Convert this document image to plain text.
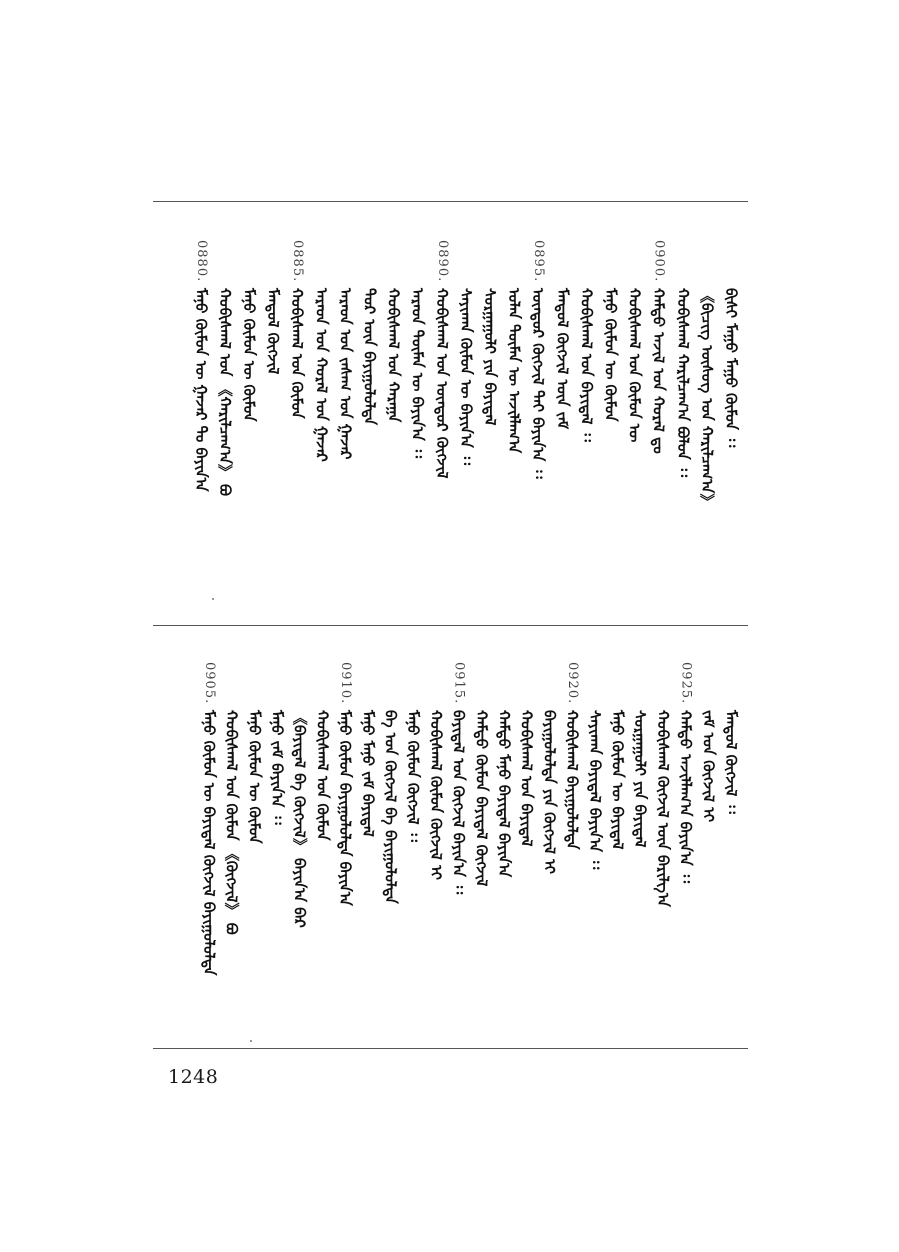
ᠪᠢᠰᠢ ᠮᠠᠭᠤ ᠮᠠᠭᠤ ᠬᠦᠮᠦᠨ ᠄᠄
《ᠪᠢᠴᠢᠭ ᠦᠰᠦᠭ ᠤᠨ ᠬᠠᠷᠢᠯᠴᠠᠭ᠎ᠠ》
ᠬᠤᠪᠢᠰᠬᠠᠯ ᠬᠠᠷᠢᠯᠴᠠᠭ᠎ᠠ ᠪᠤᠯᠤᠨ ᠄᠄
0900.
ᠬᠠᠮᠲᠤ ᠠᠵᠢᠯ ᠤᠨ ᠬᠤᠷᠠᠯ ᠳᠤ
ᠬᠤᠪᠢᠰᠬᠠᠯ ᠤᠨ ᠬᠦᠮᠦᠨ ᠦ
ᠮᠠᠨᠤ ᠬᠦᠮᠦᠨ ᠦ ᠬᠦᠮᠦᠨ
ᠬᠤᠪᠢᠰᠬᠠᠯ ᠤᠨ ᠪᠠᠶᠢᠳᠠᠯ ᠄᠄
ᠮᠠᠨᠳᠤᠯ ᠬᠥᠭᠵᠢᠯ ᠦᠨ ᠵᠠᠮ
0895.
ᠥᠨᠳᠦᠷ ᠬᠥᠭᠵᠢᠯ ᠲᠡᠢ ᠪᠠᠶᠢᠨ᠎ᠠ ᠄᠄
ᠣᠯᠠᠨ ᠲᠦᠮᠡᠨ ᠦ ᠠᠵᠢᠯᠯᠠᠭ᠎ᠠ
ᠰᠤᠷᠭᠠᠭᠤᠯᠢ ᠶᠢᠨ ᠪᠠᠶᠢᠳᠠᠯ
ᠰᠠᠶᠢᠬᠠᠨ ᠬᠦᠮᠦᠨ ᠦ ᠪᠠᠶᠢᠨ᠎ᠠ ᠄᠄
0890.
ᠬᠤᠪᠢᠰᠬᠠᠯ ᠤᠨ ᠥᠨᠳᠦᠷ ᠬᠥᠭᠵᠢᠯ
ᠠᠷᠠᠳ ᠲᠦᠮᠡᠨ ᠦ ᠪᠠᠶᠢᠨ᠎ᠠ ᠄᠄
ᠬᠤᠪᠢᠰᠬᠠᠯ ᠤᠨ ᠬᠠᠷᠠᠭᠠ
ᠲᠤᠷ ᠦᠨ ᠪᠠᠶᠢᠭᠤᠯᠤᠯᠲᠠ
ᠠᠷᠠᠳ ᠤᠨ ᠵᠠᠰᠠᠭ ᠤᠨ ᠭᠠᠵᠠᠷ
ᠠᠷᠠᠳ ᠤᠨ ᠬᠤᠷᠠᠯ ᠤᠨ ᠭᠠᠵᠠᠷ
0885.
ᠬᠤᠪᠢᠰᠬᠠᠯ ᠤᠨ ᠬᠦᠮᠦᠨ
ᠮᠠᠨᠳᠤᠯ ᠬᠥᠭᠵᠢᠯ
ᠮᠠᠨᠤ ᠬᠦᠮᠦᠨ ᠦ ᠬᠦᠮᠦᠨ
ᠬᠤᠪᠢᠰᠬᠠᠯ ᠤᠨ 《ᠬᠠᠷᠢᠯᠴᠠᠭ᠎ᠠ》 ᠪᠤ
0880.
ᠮᠠᠨᠤ ᠬᠦᠮᠦᠨ ᠦ ᠭᠠᠵᠠᠷ ᠲᠤ ᠪᠠᠶᠢᠨ᠎ᠠ
ᠮᠠᠨᠳᠤᠯ ᠬᠥᠭᠵᠢᠯ ᠄᠄
ᠵᠠᠮ ᠤᠨ ᠬᠥᠭᠵᠢᠯ ᠢ
0925.
ᠬᠠᠮᠲᠤ ᠠᠵᠢᠯᠯᠠᠭ᠎ᠠ ᠪᠠᠶᠢᠨ᠎ᠠ ᠄᠄
ᠬᠤᠪᠢᠰᠬᠠᠯ ᠬᠥᠭᠵᠢᠯ ᠦᠨ ᠪᠠᠷᠢᠯᠭ᠎ᠠ
ᠰᠤᠷᠭᠠᠭᠤᠯᠢ ᠶᠢᠨ ᠪᠠᠶᠢᠳᠠᠯ
ᠮᠠᠨᠤ ᠬᠦᠮᠦᠨ ᠦ ᠪᠠᠶᠢᠳᠠᠯ
ᠰᠠᠶᠢᠬᠠᠨ ᠪᠠᠶᠢᠳᠠᠯ ᠪᠠᠶᠢᠨ᠎ᠠ ᠄᠄
0920.
ᠬᠤᠪᠢᠰᠬᠠᠯ ᠪᠠᠶᠢᠭᠤᠯᠤᠯᠲᠠ
ᠪᠠᠶᠢᠭᠤᠯᠤᠯᠲᠠ ᠶᠢᠨ ᠬᠥᠭᠵᠢᠯ ᠢ
ᠬᠤᠪᠢᠰᠬᠠᠯ ᠤᠨ ᠪᠠᠶᠢᠳᠠᠯ
ᠬᠠᠮᠲᠤ ᠮᠠᠨᠤ ᠪᠠᠶᠢᠳᠠᠯ ᠪᠠᠶᠢᠨ᠎ᠠ
ᠬᠠᠮᠲᠤ ᠬᠦᠮᠦᠨ ᠪᠠᠶᠢᠳᠠᠯ ᠬᠥᠭᠵᠢᠯ
0915.
ᠪᠠᠶᠢᠳᠠᠯ ᠤᠨ ᠬᠥᠭᠵᠢᠯ ᠪᠠᠶᠢᠨ᠎ᠠ ᠄᠄
ᠬᠤᠪᠢᠰᠬᠠᠯ ᠬᠦᠮᠦᠨ ᠬᠥᠭᠵᠢᠯ ᠢ
ᠮᠠᠨᠤ ᠬᠦᠮᠦᠨ ᠬᠥᠭᠵᠢᠯ ᠄᠄
ᠪᠠ ᠤᠨ ᠬᠥᠭᠵᠢᠯ ᠪᠠ ᠪᠠᠶᠢᠭᠤᠯᠤᠯᠲᠠ
ᠮᠠᠨᠤ ᠮᠠᠨᠤ ᠵᠠᠮ ᠪᠠᠶᠢᠳᠠᠯ
0910.
ᠮᠠᠨᠤ ᠬᠦᠮᠦᠨ ᠪᠠᠶᠢᠭᠤᠯᠤᠯᠲᠠ ᠪᠠᠶᠢᠨ᠎ᠠ
ᠬᠤᠪᠢᠰᠬᠠᠯ ᠤᠨ ᠬᠦᠮᠦᠨ
《ᠪᠠᠶᠢᠳᠠᠯ ᠪᠠ ᠬᠥᠭᠵᠢᠯ》 ᠪᠠᠶᠢᠨ᠎ᠠ ᠪᠠᠷ
ᠮᠠᠨᠤ ᠵᠠᠮ ᠪᠠᠶᠢᠨ᠎ᠠ ᠄᠄
ᠮᠠᠨᠤ ᠬᠦᠮᠦᠨ ᠦ ᠬᠦᠮᠦᠨ
ᠬᠤᠪᠢᠰᠬᠠᠯ ᠤᠨ ᠬᠦᠮᠦᠨ 《ᠬᠥᠭᠵᠢᠯ》 ᠪᠤ
0905.
ᠮᠠᠨᠤ ᠬᠦᠮᠦᠨ ᠦ ᠪᠠᠶᠢᠳᠠᠯ ᠬᠥᠭᠵᠢᠯ ᠪᠠᠶᠢᠭᠤᠯᠤᠯᠲᠠ
1248
